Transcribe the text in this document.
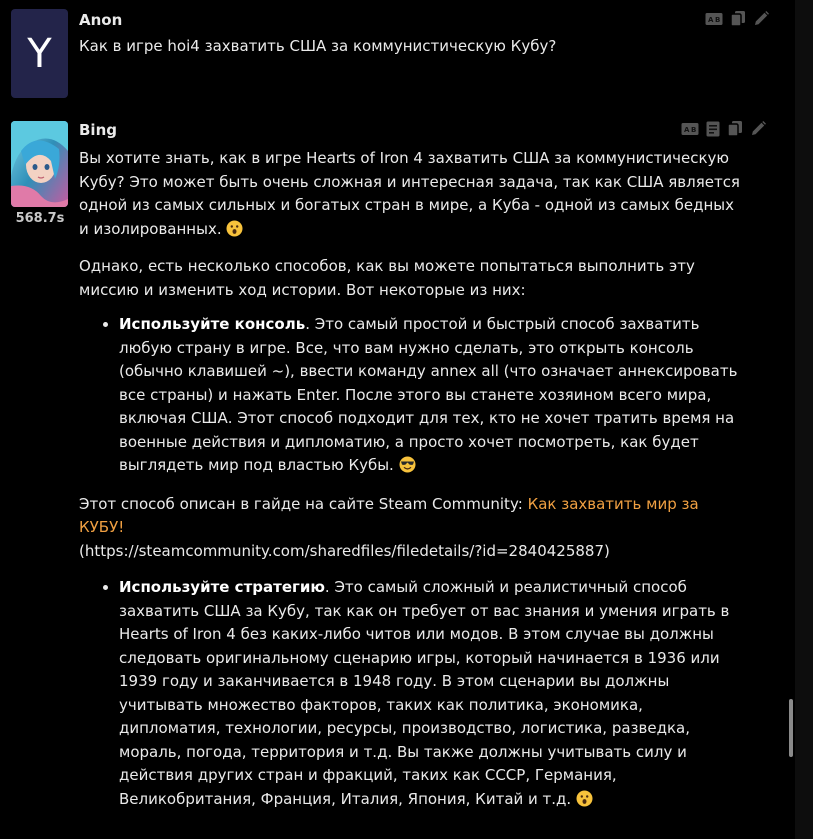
Y
Anon	A B
Как в игре hoi4 захватить США за коммунистическую Кубу?
568.7s
Bing	A B

Вы хотите знать, как в игре Hearts of Iron 4 захватить США за коммунистическую Кубу? Это может быть очень сложная и интересная задача, так как США является одной из самых сильных и богатых стран в мире, а Куба - одной из самых бедных и изолированных.

Однако, есть несколько способов, как вы можете попытаться выполнить эту миссию и изменить ход истории. Вот некоторые из них:

• Используйте консоль. Это самый простой и быстрый способ захватить любую страну в игре. Все, что вам нужно сделать, это открыть консоль (обычно клавишей ~), ввести команду annex all (что означает аннексировать все страны) и нажать Enter. После этого вы станете хозяином всего мира, включая США. Этот способ подходит для тех, кто не хочет тратить время на военные действия и дипломатию, а просто хочет посмотреть, как будет выглядеть мир под властью Кубы.

Этот способ описан в гайде на сайте Steam Community: Как захватить мир за КУБУ!
(https://steamcommunity.com/sharedfiles/filedetails/?id=2840425887)

• Используйте стратегию. Это самый сложный и реалистичный способ захватить США за Кубу, так как он требует от вас знания и умения играть в Hearts of Iron 4 без каких-либо читов или модов. В этом случае вы должны следовать оригинальному сценарию игры, который начинается в 1936 или 1939 году и заканчивается в 1948 году. В этом сценарии вы должны учитывать множество факторов, таких как политика, экономика, дипломатия, технологии, ресурсы, производство, логистика, разведка, мораль, погода, территория и т.д. Вы также должны учитывать силу и действия других стран и фракций, таких как СССР, Германия, Великобритания, Франция, Италия, Япония, Китай и т.д.
